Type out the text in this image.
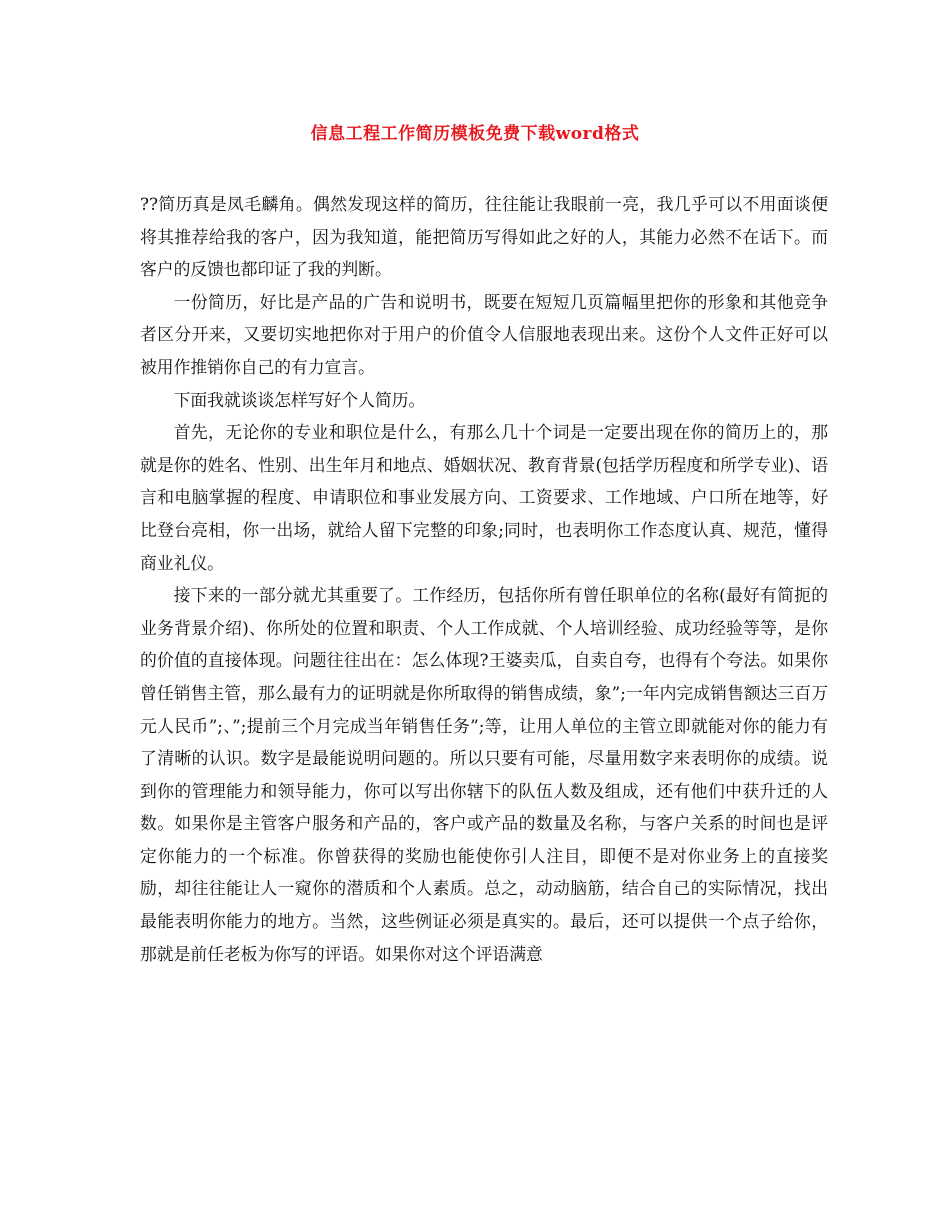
信息工程工作简历模板免费下载word格式

??简历真是凤毛麟角。偶然发现这样的简历，往往能让我眼前一亮，我几乎可以不用面谈便将其推荐给我的客户，因为我知道，能把简历写得如此之好的人，其能力必然不在话下。而客户的反馈也都印证了我的判断。

一份简历，好比是产品的广告和说明书，既要在短短几页篇幅里把你的形象和其他竞争者区分开来，又要切实地把你对于用户的价值令人信服地表现出来。这份个人文件正好可以被用作推销你自己的有力宣言。

下面我就谈谈怎样写好个人简历。

首先，无论你的专业和职位是什么，有那么几十个词是一定要出现在你的简历上的，那就是你的姓名、性别、出生年月和地点、婚姻状况、教育背景(包括学历程度和所学专业)、语言和电脑掌握的程度、申请职位和事业发展方向、工资要求、工作地域、户口所在地等，好比登台亮相，你一出场，就给人留下完整的印象;同时，也表明你工作态度认真、规范，懂得商业礼仪。

接下来的一部分就尤其重要了。工作经历，包括你所有曾任职单位的名称(最好有简扼的业务背景介绍)、你所处的位置和职责、个人工作成就、个人培训经验、成功经验等等，是你的价值的直接体现。问题往往出在：怎么体现?王婆卖瓜，自卖自夸，也得有个夸法。如果你曾任销售主管，那么最有力的证明就是你所取得的销售成绩，象”;一年内完成销售额达三百万元人民币”;、”;提前三个月完成当年销售任务”;等，让用人单位的主管立即就能对你的能力有了清晰的认识。数字是最能说明问题的。所以只要有可能，尽量用数字来表明你的成绩。说到你的管理能力和领导能力，你可以写出你辖下的队伍人数及组成，还有他们中获升迁的人数。如果你是主管客户服务和产品的，客户或产品的数量及名称，与客户关系的时间也是评定你能力的一个标准。你曾获得的奖励也能使你引人注目，即便不是对你业务上的直接奖励，却往往能让人一窥你的潜质和个人素质。总之，动动脑筋，结合自己的实际情况，找出最能表明你能力的地方。当然，这些例证必须是真实的。最后，还可以提供一个点子给你，那就是前任老板为你写的评语。如果你对这个评语满意
